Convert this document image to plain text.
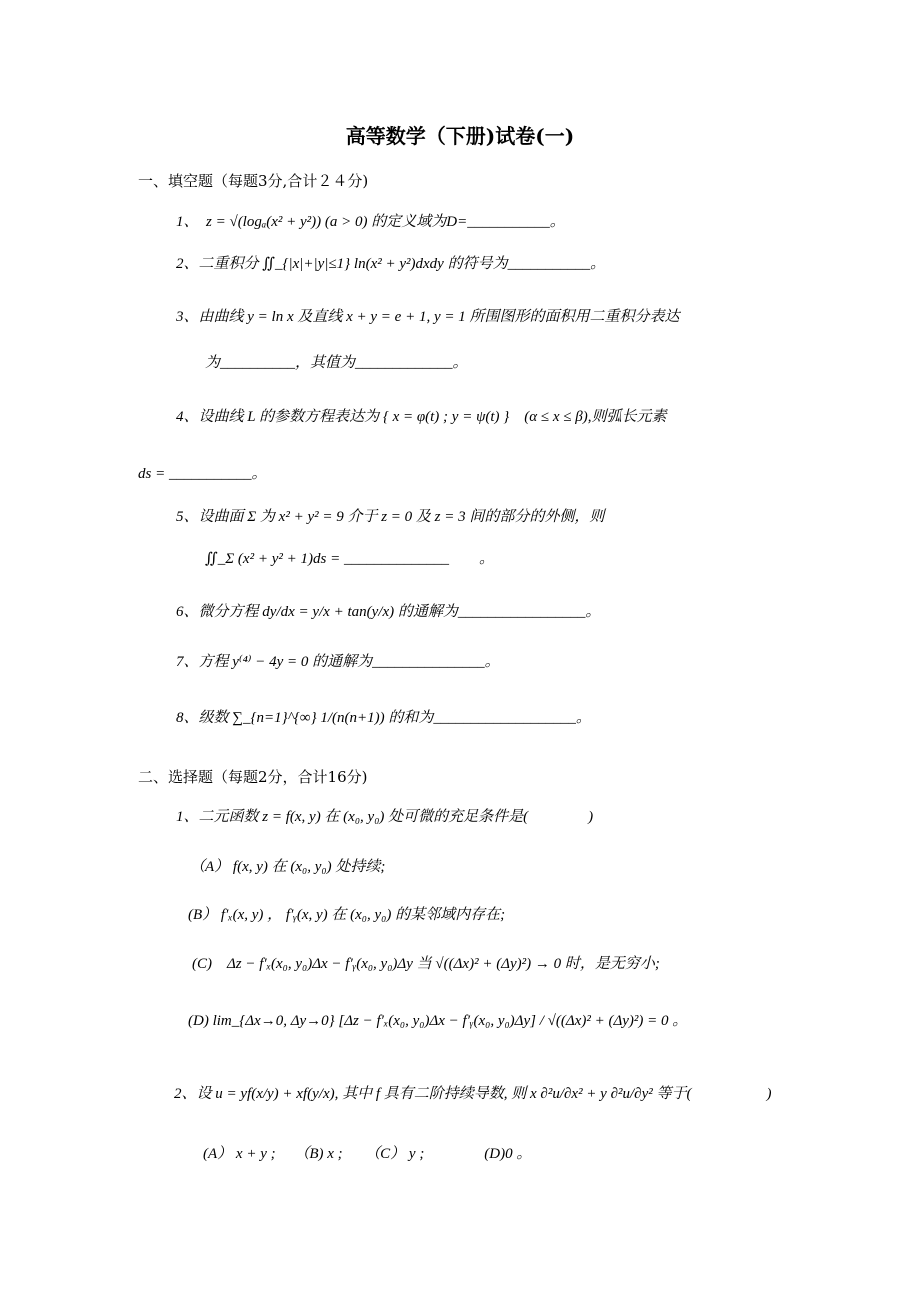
高等数学（下册)试卷(一)
一、填空题（每题3分,合计２４分)
1、　z = √(logₐ(x² + y²)) (a > 0) 的定义域为D=___________。
2、二重积分 ∬_{|x|+|y|≤1} ln(x² + y²)dxdy 的符号为___________。
3、由曲线 y = ln x 及直线 x + y = e + 1, y = 1 所围图形的面积用二重积分表达
为__________，其值为_____________。
4、设曲线 L 的参数方程表达为 { x = φ(t) ; y = ψ(t) }　(α ≤ x ≤ β),则弧长元素
ds = ___________。
5、设曲面 Σ 为 x² + y² = 9 介于 z = 0 及 z = 3 间的部分的外侧，则
∬_Σ (x² + y² + 1)ds = ______________　　。
6、微分方程 dy/dx = y/x + tan(y/x) 的通解为_________________。
7、方程 y⁽⁴⁾ − 4y = 0 的通解为_______________。
8、级数 ∑_{n=1}^{∞} 1/(n(n+1)) 的和为___________________。
二、选择题（每题2分，合计16分)
1、二元函数 z = f(x, y) 在 (x₀, y₀) 处可微的充足条件是(　　　　)
（A） f(x, y) 在 (x₀, y₀) 处持续;
(B） f′ₓ(x, y) ， f′ᵧ(x, y) 在 (x₀, y₀) 的某邻域内存在;
(C)　Δz − f′ₓ(x₀, y₀)Δx − f′ᵧ(x₀, y₀)Δy 当 √((Δx)² + (Δy)²) → 0 时，是无穷小;
(D) lim_{Δx→0, Δy→0} [Δz − f′ₓ(x₀, y₀)Δx − f′ᵧ(x₀, y₀)Δy] / √((Δx)² + (Δy)²) = 0 。
2、设 u = yf(x/y) + xf(y/x), 其中 f 具有二阶持续导数, 则 x ∂²u/∂x² + y ∂²u/∂y² 等于(　　　　　)
(A） x + y ;　 （B) x ;　　（C） y ;　　　　(D)0 。
